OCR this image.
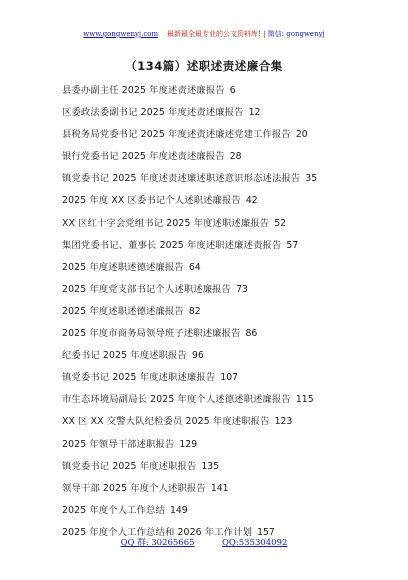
www.gongwenyj.com 最新最全最专业的公文资料库! | 微信: gongwenyj
（134篇）述职述责述廉合集
县委办副主任 2025 年度述责述廉报告 6
区委政法委副书记 2025 年度述责述廉报告 12
县税务局党委书记 2025 年度述责述廉述党建工作报告 20
银行党委书记 2025 年度述责述廉报告 28
镇党委书记 2025 年度述责述廉述职述意识形态述法报告 35
2025 年度 XX 区委书记个人述职述廉报告 42
XX 区红十字会党组书记 2025 年度述职述廉报告 52
集团党委书记、董事长 2025 年度述职述廉述责报告 57
2025 年度述职述德述廉报告 64
2025 年度党支部书记个人述职述廉报告 73
2025 年度述职述德述廉报告 82
2025 年度市商务局领导班子述职述廉报告 86
纪委书记 2025 年度述职报告 96
镇党委书记 2025 年度述职述廉报告 107
市生态环境局副局长 2025 年度个人述德述职述廉报告 115
XX 区 XX 交警大队纪检委员 2025 年度述职报告 123
2025 年领导干部述职报告 129
镇党委书记 2025 年度述职报告 135
领导干部 2025 年度个人述职报告 141
2025 年度个人工作总结 149
2025 年度个人工作总结和 2026 年工作计划 157
QQ 群: 30265665	QQ:535304092
